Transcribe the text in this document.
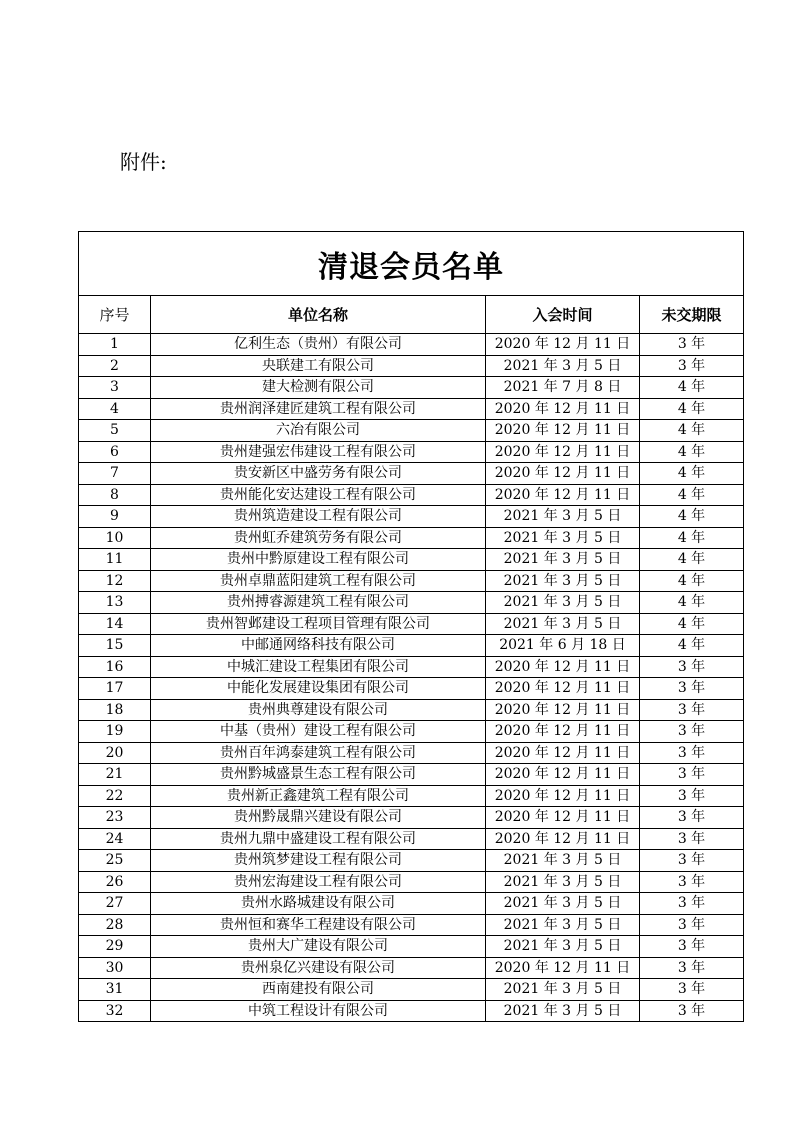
附件:
清退会员名单			
序号	单位名称	入会时间	未交期限
1	亿利生态（贵州）有限公司	2020 年 12 月 11 日	3 年
2	央联建工有限公司	2021 年 3 月 5 日	3 年
3	建大检测有限公司	2021 年 7 月 8 日	4 年
4	贵州润泽建匠建筑工程有限公司	2020 年 12 月 11 日	4 年
5	六冶有限公司	2020 年 12 月 11 日	4 年
6	贵州建强宏伟建设工程有限公司	2020 年 12 月 11 日	4 年
7	贵安新区中盛劳务有限公司	2020 年 12 月 11 日	4 年
8	贵州能化安达建设工程有限公司	2020 年 12 月 11 日	4 年
9	贵州筑造建设工程有限公司	2021 年 3 月 5 日	4 年
10	贵州虹乔建筑劳务有限公司	2021 年 3 月 5 日	4 年
11	贵州中黔原建设工程有限公司	2021 年 3 月 5 日	4 年
12	贵州卓鼎蓝阳建筑工程有限公司	2021 年 3 月 5 日	4 年
13	贵州搏睿源建筑工程有限公司	2021 年 3 月 5 日	4 年
14	贵州智邺建设工程项目管理有限公司	2021 年 3 月 5 日	4 年
15	中邮通网络科技有限公司	2021 年 6 月 18 日	4 年
16	中城汇建设工程集团有限公司	2020 年 12 月 11 日	3 年
17	中能化发展建设集团有限公司	2020 年 12 月 11 日	3 年
18	贵州典尊建设有限公司	2020 年 12 月 11 日	3 年
19	中基（贵州）建设工程有限公司	2020 年 12 月 11 日	3 年
20	贵州百年鸿泰建筑工程有限公司	2020 年 12 月 11 日	3 年
21	贵州黔城盛景生态工程有限公司	2020 年 12 月 11 日	3 年
22	贵州新正鑫建筑工程有限公司	2020 年 12 月 11 日	3 年
23	贵州黔晟鼎兴建设有限公司	2020 年 12 月 11 日	3 年
24	贵州九鼎中盛建设工程有限公司	2020 年 12 月 11 日	3 年
25	贵州筑梦建设工程有限公司	2021 年 3 月 5 日	3 年
26	贵州宏海建设工程有限公司	2021 年 3 月 5 日	3 年
27	贵州水路城建设有限公司	2021 年 3 月 5 日	3 年
28	贵州恒和赛华工程建设有限公司	2021 年 3 月 5 日	3 年
29	贵州大广建设有限公司	2021 年 3 月 5 日	3 年
30	贵州泉亿兴建设有限公司	2020 年 12 月 11 日	3 年
31	西南建投有限公司	2021 年 3 月 5 日	3 年
32	中筑工程设计有限公司	2021 年 3 月 5 日	3 年
